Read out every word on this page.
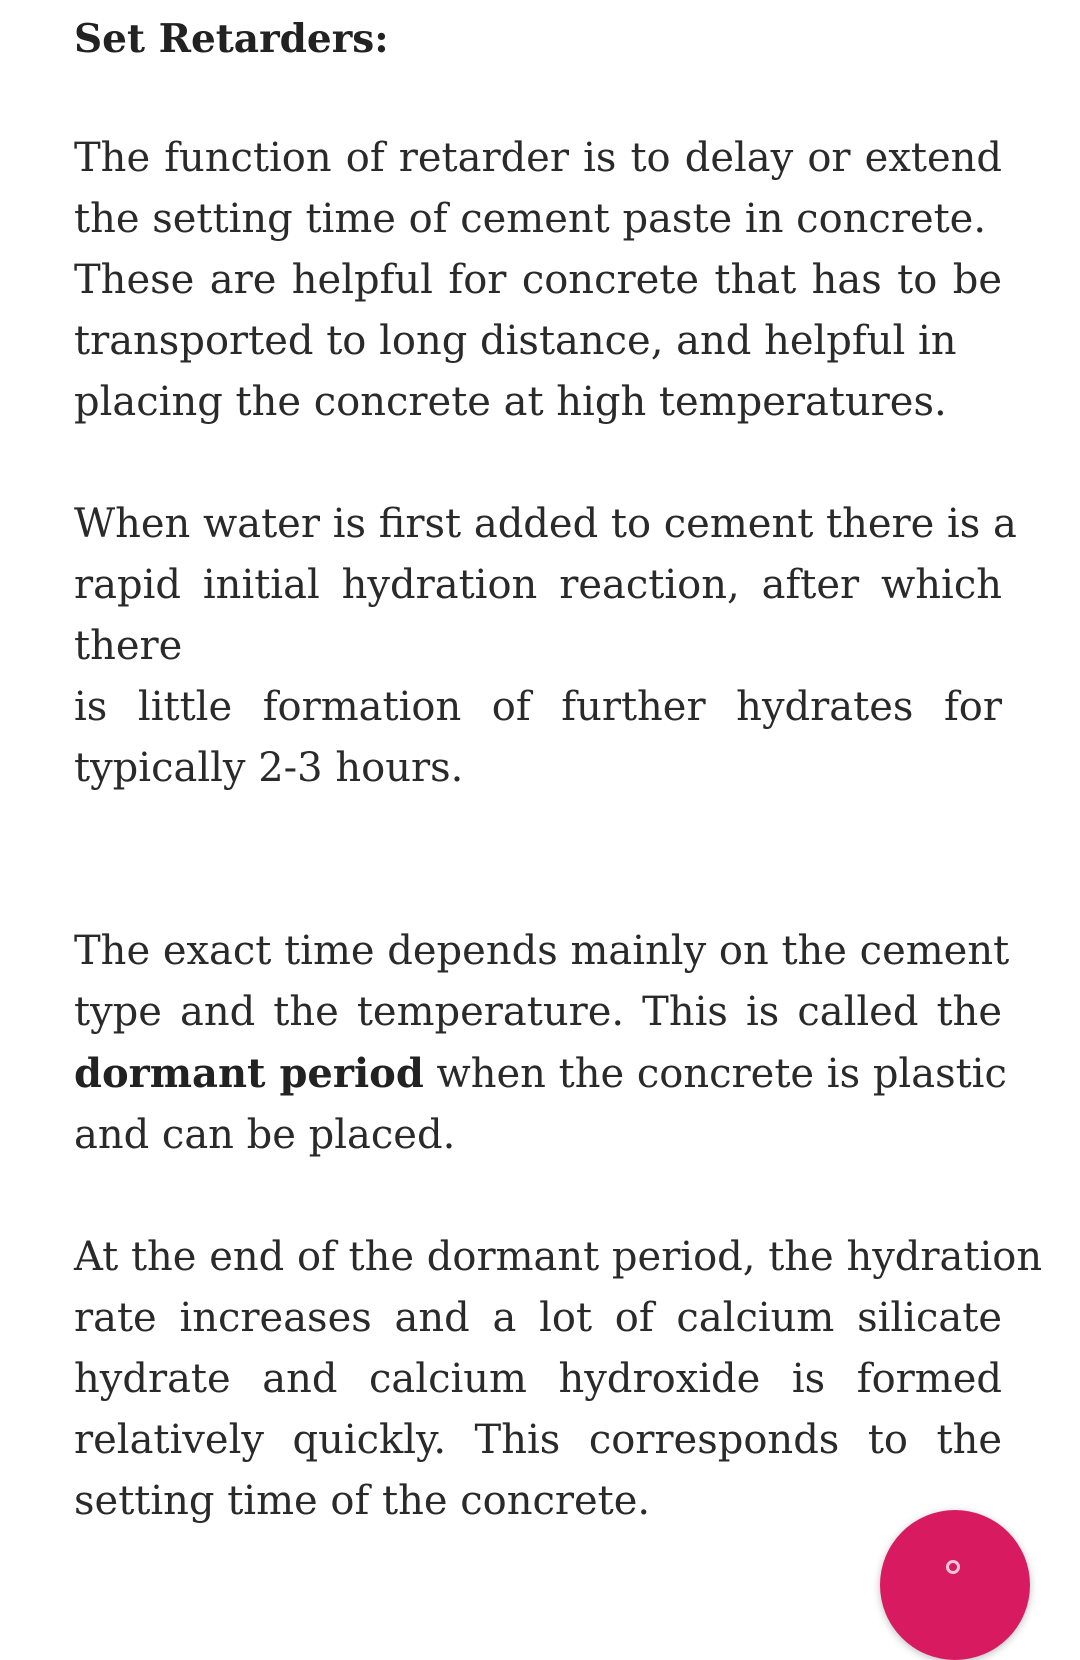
Set Retarders:

The function of retarder is to delay or extend
the setting time of cement paste in concrete.
These are helpful for concrete that has to be
transported to long distance, and helpful in
placing the concrete at high temperatures.

When water is first added to cement there is a
rapid initial hydration reaction, after which
there
is little formation of further hydrates for
typically 2-3 hours.

The exact time depends mainly on the cement
type and the temperature. This is called the
dormant period when the concrete is plastic
and can be placed.

At the end of the dormant period, the hydration
rate increases and a lot of calcium silicate
hydrate and calcium hydroxide is formed
relatively quickly. This corresponds to the
setting time of the concrete.
